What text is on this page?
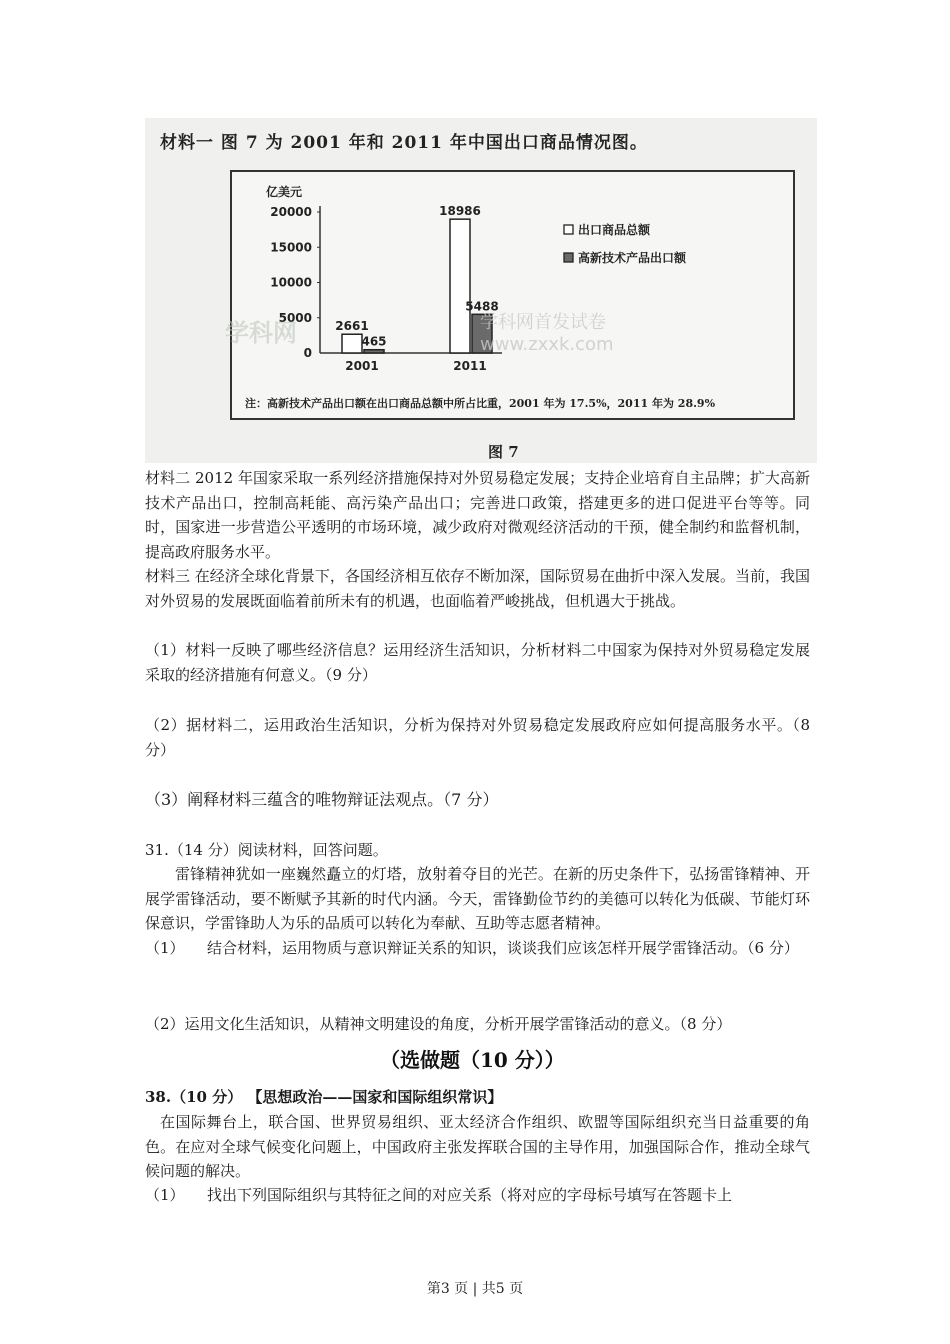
材料一 图 7 为 2001 年和 2011 年中国出口商品情况图。
亿美元
20000
15000
10000
5000
0
2661
465
2001
18986
5488
2011
出口商品总额
高新技术产品出口额
学科网	学科网首发试卷
www.zxxk.com
注：高新技术产品出口额在出口商品总额中所占比重，2001 年为 17.5%，2011 年为 28.9%
图 7

材料二 2012 年国家采取一系列经济措施保持对外贸易稳定发展；支持企业培育自主品牌；扩大高新技术产品出口，控制高耗能、高污染产品出口；完善进口政策，搭建更多的进口促进平台等等。同时，国家进一步营造公平透明的市场环境，减少政府对微观经济活动的干预，健全制约和监督机制，提高政府服务水平。

材料三 在经济全球化背景下，各国经济相互依存不断加深，国际贸易在曲折中深入发展。当前，我国对外贸易的发展既面临着前所未有的机遇，也面临着严峻挑战，但机遇大于挑战。

（1）材料一反映了哪些经济信息？运用经济生活知识，分析材料二中国家为保持对外贸易稳定发展采取的经济措施有何意义。（9 分）

（2）据材料二，运用政治生活知识，分析为保持对外贸易稳定发展政府应如何提高服务水平。（8 分）

（3）阐释材料三蕴含的唯物辩证法观点。（7 分）

31.（14 分）阅读材料，回答问题。

雷锋精神犹如一座巍然矗立的灯塔，放射着夺目的光芒。在新的历史条件下，弘扬雷锋精神、开展学雷锋活动，要不断赋予其新的时代内涵。今天，雷锋勤俭节约的美德可以转化为低碳、节能灯环保意识，学雷锋助人为乐的品质可以转化为奉献、互助等志愿者精神。

（1）　　结合材料，运用物质与意识辩证关系的知识，谈谈我们应该怎样开展学雷锋活动。（6 分）

（2）运用文化生活知识，从精神文明建设的角度，分析开展学雷锋活动的意义。（8 分）

（选做题（10 分））

38.（10 分） 【思想政治——国家和国际组织常识】

在国际舞台上，联合国、世界贸易组织、亚太经济合作组织、欧盟等国际组织充当日益重要的角色。在应对全球气候变化问题上，中国政府主张发挥联合国的主导作用，加强国际合作，推动全球气候问题的解决。

（1）　　找出下列国际组织与其特征之间的对应关系（将对应的字母标号填写在答题卡上

第3 页 | 共5 页
